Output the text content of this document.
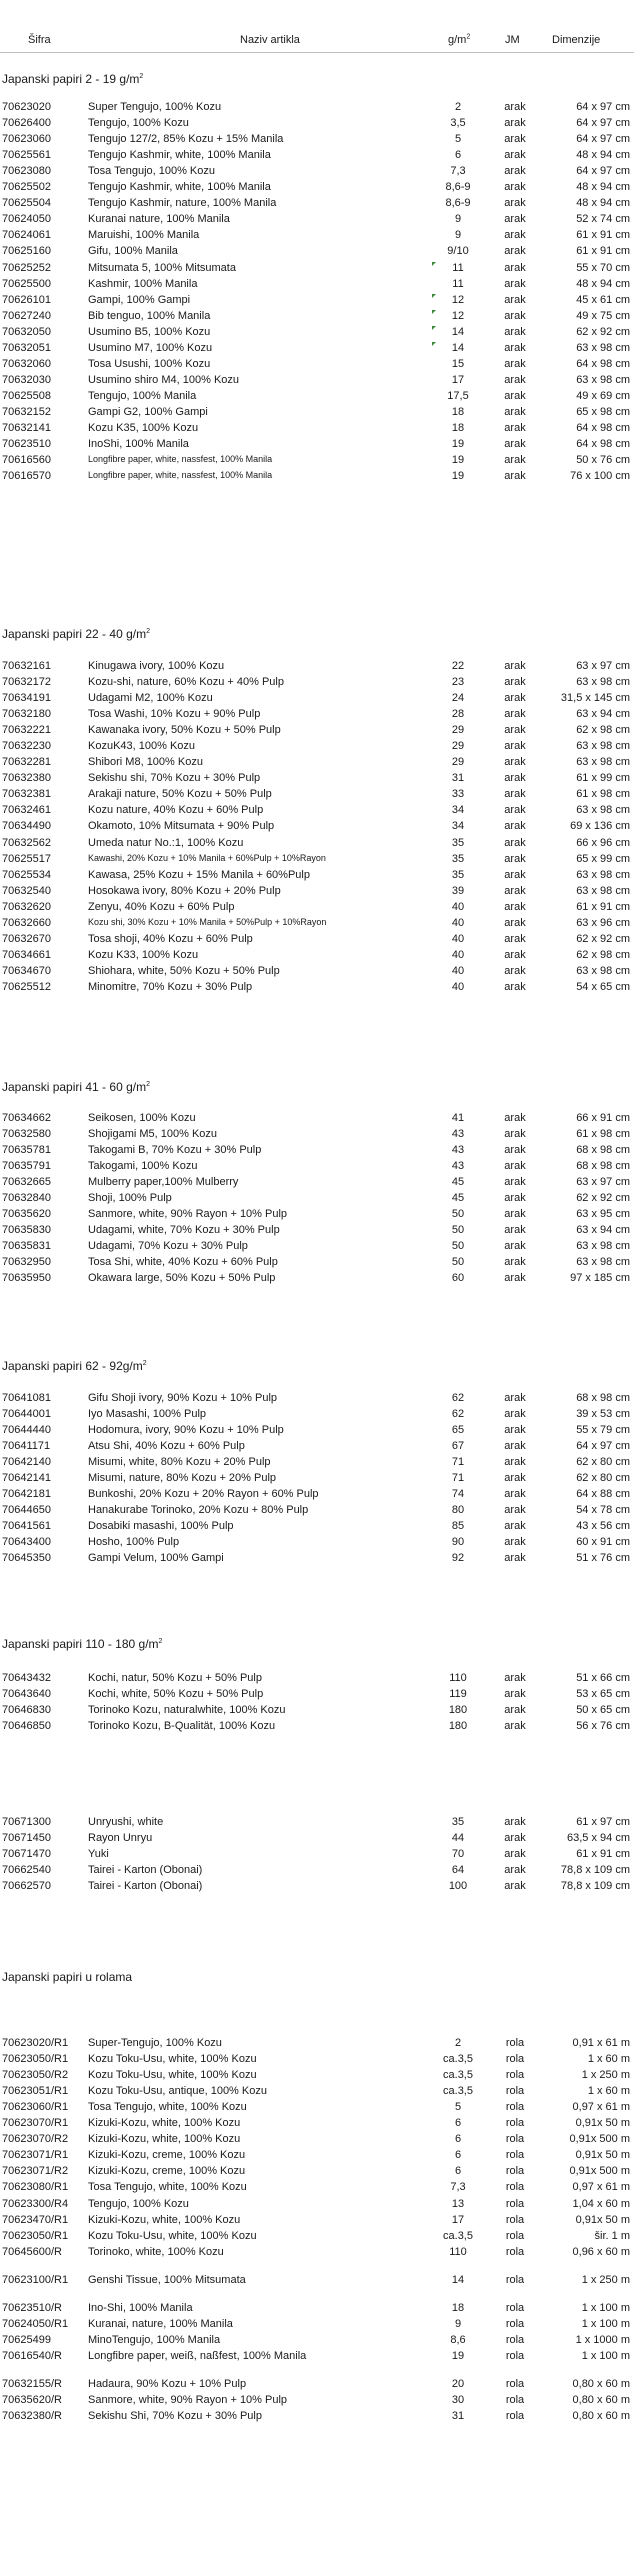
Šifra	Naziv artikla	$g/m^2$	JM	Dimenzije
Japanski papiri 2 - 19 $g/m^2$
70623020	Super Tengujo, 100% Kozu	2	arak	64 x 97 cm
70626400	Tengujo, 100% Kozu	3,5	arak	64 x 97 cm
70623060	Tengujo 127/2, 85% Kozu + 15% Manila	5	arak	64 x 97 cm
70625561	Tengujo Kashmir, white, 100% Manila	6	arak	48 x 94 cm
70623080	Tosa Tengujo, 100% Kozu	7,3	arak	64 x 97 cm
70625502	Tengujo Kashmir, white, 100% Manila	8,6-9	arak	48 x 94 cm
70625504	Tengujo Kashmir, nature, 100% Manila	8,6-9	arak	48 x 94 cm
70624050	Kuranai nature, 100% Manila	9	arak	52 x 74 cm
70624061	Maruishi, 100% Manila	9	arak	61 x 91 cm
70625160	Gifu, 100% Manila	9/10	arak	61 x 91 cm
70625252	Mitsumata 5, 100% Mitsumata	11	arak	55 x 70 cm
70625500	Kashmir, 100% Manila	11	arak	48 x 94 cm
70626101	Gampi, 100% Gampi	12	arak	45 x 61 cm
70627240	Bib tenguo, 100% Manila	12	arak	49 x 75 cm
70632050	Usumino B5, 100% Kozu	14	arak	62 x 92 cm
70632051	Usumino M7, 100% Kozu	14	arak	63 x 98 cm
70632060	Tosa Usushi, 100% Kozu	15	arak	64 x 98 cm
70632030	Usumino shiro M4, 100% Kozu	17	arak	63 x 98 cm
70625508	Tengujo, 100% Manila	17,5	arak	49 x 69 cm
70632152	Gampi G2, 100% Gampi	18	arak	65 x 98 cm
70632141	Kozu K35, 100% Kozu	18	arak	64 x 98 cm
70623510	InoShi, 100% Manila	19	arak	64 x 98 cm
70616560	Longfibre paper, white, nassfest, 100% Manila	19	arak	50 x 76 cm
70616570	Longfibre paper, white, nassfest, 100% Manila	19	arak	76 x 100 cm
Japanski papiri 22 - 40 $g/m^2$
70632161	Kinugawa ivory, 100% Kozu	22	arak	63 x 97 cm
70632172	Kozu-shi, nature, 60% Kozu + 40% Pulp	23	arak	63 x 98 cm
70634191	Udagami M2, 100% Kozu	24	arak	31,5 x 145 cm
70632180	Tosa Washi, 10% Kozu + 90% Pulp	28	arak	63 x 94 cm
70632221	Kawanaka ivory, 50% Kozu + 50% Pulp	29	arak	62 x 98 cm
70632230	KozuK43, 100% Kozu	29	arak	63 x 98 cm
70632281	Shibori M8, 100% Kozu	29	arak	63 x 98 cm
70632380	Sekishu shi, 70% Kozu + 30% Pulp	31	arak	61 x 99 cm
70632381	Arakaji nature, 50% Kozu + 50% Pulp	33	arak	61 x 98 cm
70632461	Kozu nature, 40% Kozu + 60% Pulp	34	arak	63 x 98 cm
70634490	Okamoto, 10% Mitsumata + 90% Pulp	34	arak	69 x 136 cm
70632562	Umeda natur No.:1, 100% Kozu	35	arak	66 x 96 cm
70625517	Kawashi, 20% Kozu + 10% Manila + 60%Pulp + 10%Rayon	35	arak	65 x 99 cm
70625534	Kawasa, 25% Kozu + 15% Manila + 60%Pulp	35	arak	63 x 98 cm
70632540	Hosokawa ivory, 80% Kozu + 20% Pulp	39	arak	63 x 98 cm
70632620	Zenyu, 40% Kozu + 60% Pulp	40	arak	61 x 91 cm
70632660	Kozu shi, 30% Kozu + 10% Manila + 50%Pulp + 10%Rayon	40	arak	63 x 96 cm
70632670	Tosa shoji, 40% Kozu + 60% Pulp	40	arak	62 x 92 cm
70634661	Kozu K33, 100% Kozu	40	arak	62 x 98 cm
70634670	Shiohara, white, 50% Kozu + 50% Pulp	40	arak	63 x 98 cm
70625512	Minomitre, 70% Kozu + 30% Pulp	40	arak	54 x 65 cm
Japanski papiri 41 - 60 $g/m^2$
70634662	Seikosen, 100% Kozu	41	arak	66 x 91 cm
70632580	Shojigami M5, 100% Kozu	43	arak	61 x 98 cm
70635781	Takogami B, 70% Kozu + 30% Pulp	43	arak	68 x 98 cm
70635791	Takogami, 100% Kozu	43	arak	68 x 98 cm
70632665	Mulberry paper,100% Mulberry	45	arak	63 x 97 cm
70632840	Shoji, 100% Pulp	45	arak	62 x 92 cm
70635620	Sanmore, white, 90% Rayon + 10% Pulp	50	arak	63 x 95 cm
70635830	Udagami, white, 70% Kozu + 30% Pulp	50	arak	63 x 94 cm
70635831	Udagami, 70% Kozu + 30% Pulp	50	arak	63 x 98 cm
70632950	Tosa Shi, white, 40% Kozu + 60% Pulp	50	arak	63 x 98 cm
70635950	Okawara large, 50% Kozu + 50% Pulp	60	arak	97 x 185 cm
Japanski papiri $62 - 92g/m^2$
70641081	Gifu Shoji ivory, 90% Kozu + 10% Pulp	62	arak	68 x 98 cm
70644001	Iyo Masashi, 100% Pulp	62	arak	39 x 53 cm
70644440	Hodomura, ivory, 90% Kozu + 10% Pulp	65	arak	55 x 79 cm
70641171	Atsu Shi, 40% Kozu + 60% Pulp	67	arak	64 x 97 cm
70642140	Misumi, white, 80% Kozu + 20% Pulp	71	arak	62 x 80 cm
70642141	Misumi, nature, 80% Kozu + 20% Pulp	71	arak	62 x 80 cm
70642181	Bunkoshi, 20% Kozu + 20% Rayon + 60% Pulp	74	arak	64 x 88 cm
70644650	Hanakurabe Torinoko, 20% Kozu + 80% Pulp	80	arak	54 x 78 cm
70641561	Dosabiki masashi, 100% Pulp	85	arak	43 x 56 cm
70643400	Hosho, 100% Pulp	90	arak	60 x 91 cm
70645350	Gampi Velum, 100% Gampi	92	arak	51 x 76 cm
Japanski papiri 110 - 180 $g/m^2$
70643432	Kochi, natur, 50% Kozu + 50% Pulp	110	arak	51 x 66 cm
70643640	Kochi, white, 50% Kozu + 50% Pulp	119	arak	53 x 65 cm
70646830	Torinoko Kozu, naturalwhite, 100% Kozu	180	arak	50 x 65 cm
70646850	Torinoko Kozu, B-Qualität, 100% Kozu	180	arak	56 x 76 cm
70671300	Unryushi, white	35	arak	61 x 97 cm
70671450	Rayon Unryu	44	arak	63,5 x 94 cm
70671470	Yuki	70	arak	61 x 91 cm
70662540	Tairei - Karton (Obonai)	64	arak	78,8 x 109 cm
70662570	Tairei - Karton (Obonai)	100	arak	78,8 x 109 cm
Japanski papiri u rolama
70623020/R1 Super-Tengujo, 100% Kozu	2	rola	0,91 x 61 m
70623050/R1 Kozu Toku-Usu, white, 100% Kozu	ca.3,5	rola	1 x 60 m
70623050/R2 Kozu Toku-Usu, white, 100% Kozu	ca.3,5	rola	1 x 250 m
70623051/R1 Kozu Toku-Usu, antique, 100% Kozu	ca.3,5	rola	1 x 60 m
70623060/R1 Tosa Tengujo, white, 100% Kozu	5	rola	0,97 x 61 m
70623070/R1 Kizuki-Kozu, white, 100% Kozu	6	rola	0,91x 50 m
70623070/R2 Kizuki-Kozu, white, 100% Kozu	6	rola	0,91x 500 m
70623071/R1 Kizuki-Kozu, creme, 100% Kozu	6	rola	0,91x 50 m
70623071/R2 Kizuki-Kozu, creme, 100% Kozu	6	rola	0,91x 500 m
70623080/R1 Tosa Tengujo, white, 100% Kozu	7,3	rola	0,97 x 61 m
70623300/R4 Tengujo, 100% Kozu	13	rola	1,04 x 60 m
70623470/R1 Kizuki-Kozu, white, 100% Kozu	17	rola	0,91x 50 m
70623050/R1 Kozu Toku-Usu, white, 100% Kozu	ca.3,5	rola	šir. 1 m
70645600/R Torinoko, white, 100% Kozu	110	rola	0,96 x 60 m
70623100/R1 Genshi Tissue, 100% Mitsumata	14	rola	1 x 250 m
70623510/R Ino-Shi, 100% Manila	18	rola	1 x 100 m
70624050/R1 Kuranai, nature, 100% Manila	9	rola	1 x 100 m
70625499	MinoTengujo, 100% Manila	8,6	rola	1 x 1000 m
70616540/R Longfibre paper, weiß, naßfest, 100% Manila	19	rola	1 x 100 m
70632155/R Hadaura, 90% Kozu + 10% Pulp	20	rola	0,80 x 60 m
70635620/R Sanmore, white, 90% Rayon + 10% Pulp	30	rola	0,80 x 60 m
70632380/R Sekishu Shi, 70% Kozu + 30% Pulp	31	rola	0,80 x 60 m
